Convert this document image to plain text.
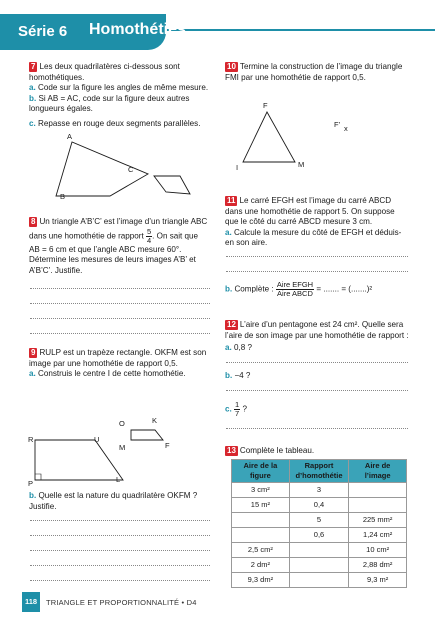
Série 6 Homothéties
7 Les deux quadrilatères ci-dessous sont homothétiques.
a. Code sur la figure les angles de même mesure.
b. Si AB = AC, code sur la figure deux autres longueurs égales.
c. Repasse en rouge deux segments parallèles.
A
B
C
8 Un triangle A’B’C’ est l’image d’un triangle ABC
dans une homothétie de rapport $\frac{5}{4}$ . On sait que
AB = 6 cm et que l’angle ABC mesure 60°.
Détermine les mesures de leurs images A’B’ et
A’B’C’. Justifie.
9 RULP est un trapèze rectangle. OKFM est son image par une homothétie de rapport 0,5.
a. Construis le centre I de cette homothétie.
R	U
P	L
O	K
M	F
b. Quelle est la nature du quadrilatère OKFM ? Justifie.
10 Termine la construction de l’image du triangle FMI par une homothétie de rapport 0,5.
F
I	M
F’ x
11 Le carré EFGH est l’image du carré ABCD dans une homothétie de rapport 5. On suppose que le côté du carré ABCD mesure 3 cm.
a. Calcule la mesure du côté de EFGH et déduis-en son aire.
b. Complète : $\frac{\text{Aire EFGH}}{\text{Aire ABCD}}$ = ....... = (.......)²
12 L’aire d’un pentagone est 24 cm². Quelle sera l’aire de son image par une homothétie de rapport :
a. 0,8 ?
b. −4 ?
c. $\frac{1}{7}$ ?
13 Complète le tableau.
Aire de la figure	Rapport d’homothétie	Aire de l’image
3 cm²	3	
15 m²	0,4	
	5	225 mm²
	0,6	1,24 cm²
2,5 cm²		10 cm²
2 dm²		2,88 dm²
9,3 dm²		9,3 m²
118	TRIANGLE ET PROPORTIONNALITÉ • D4
